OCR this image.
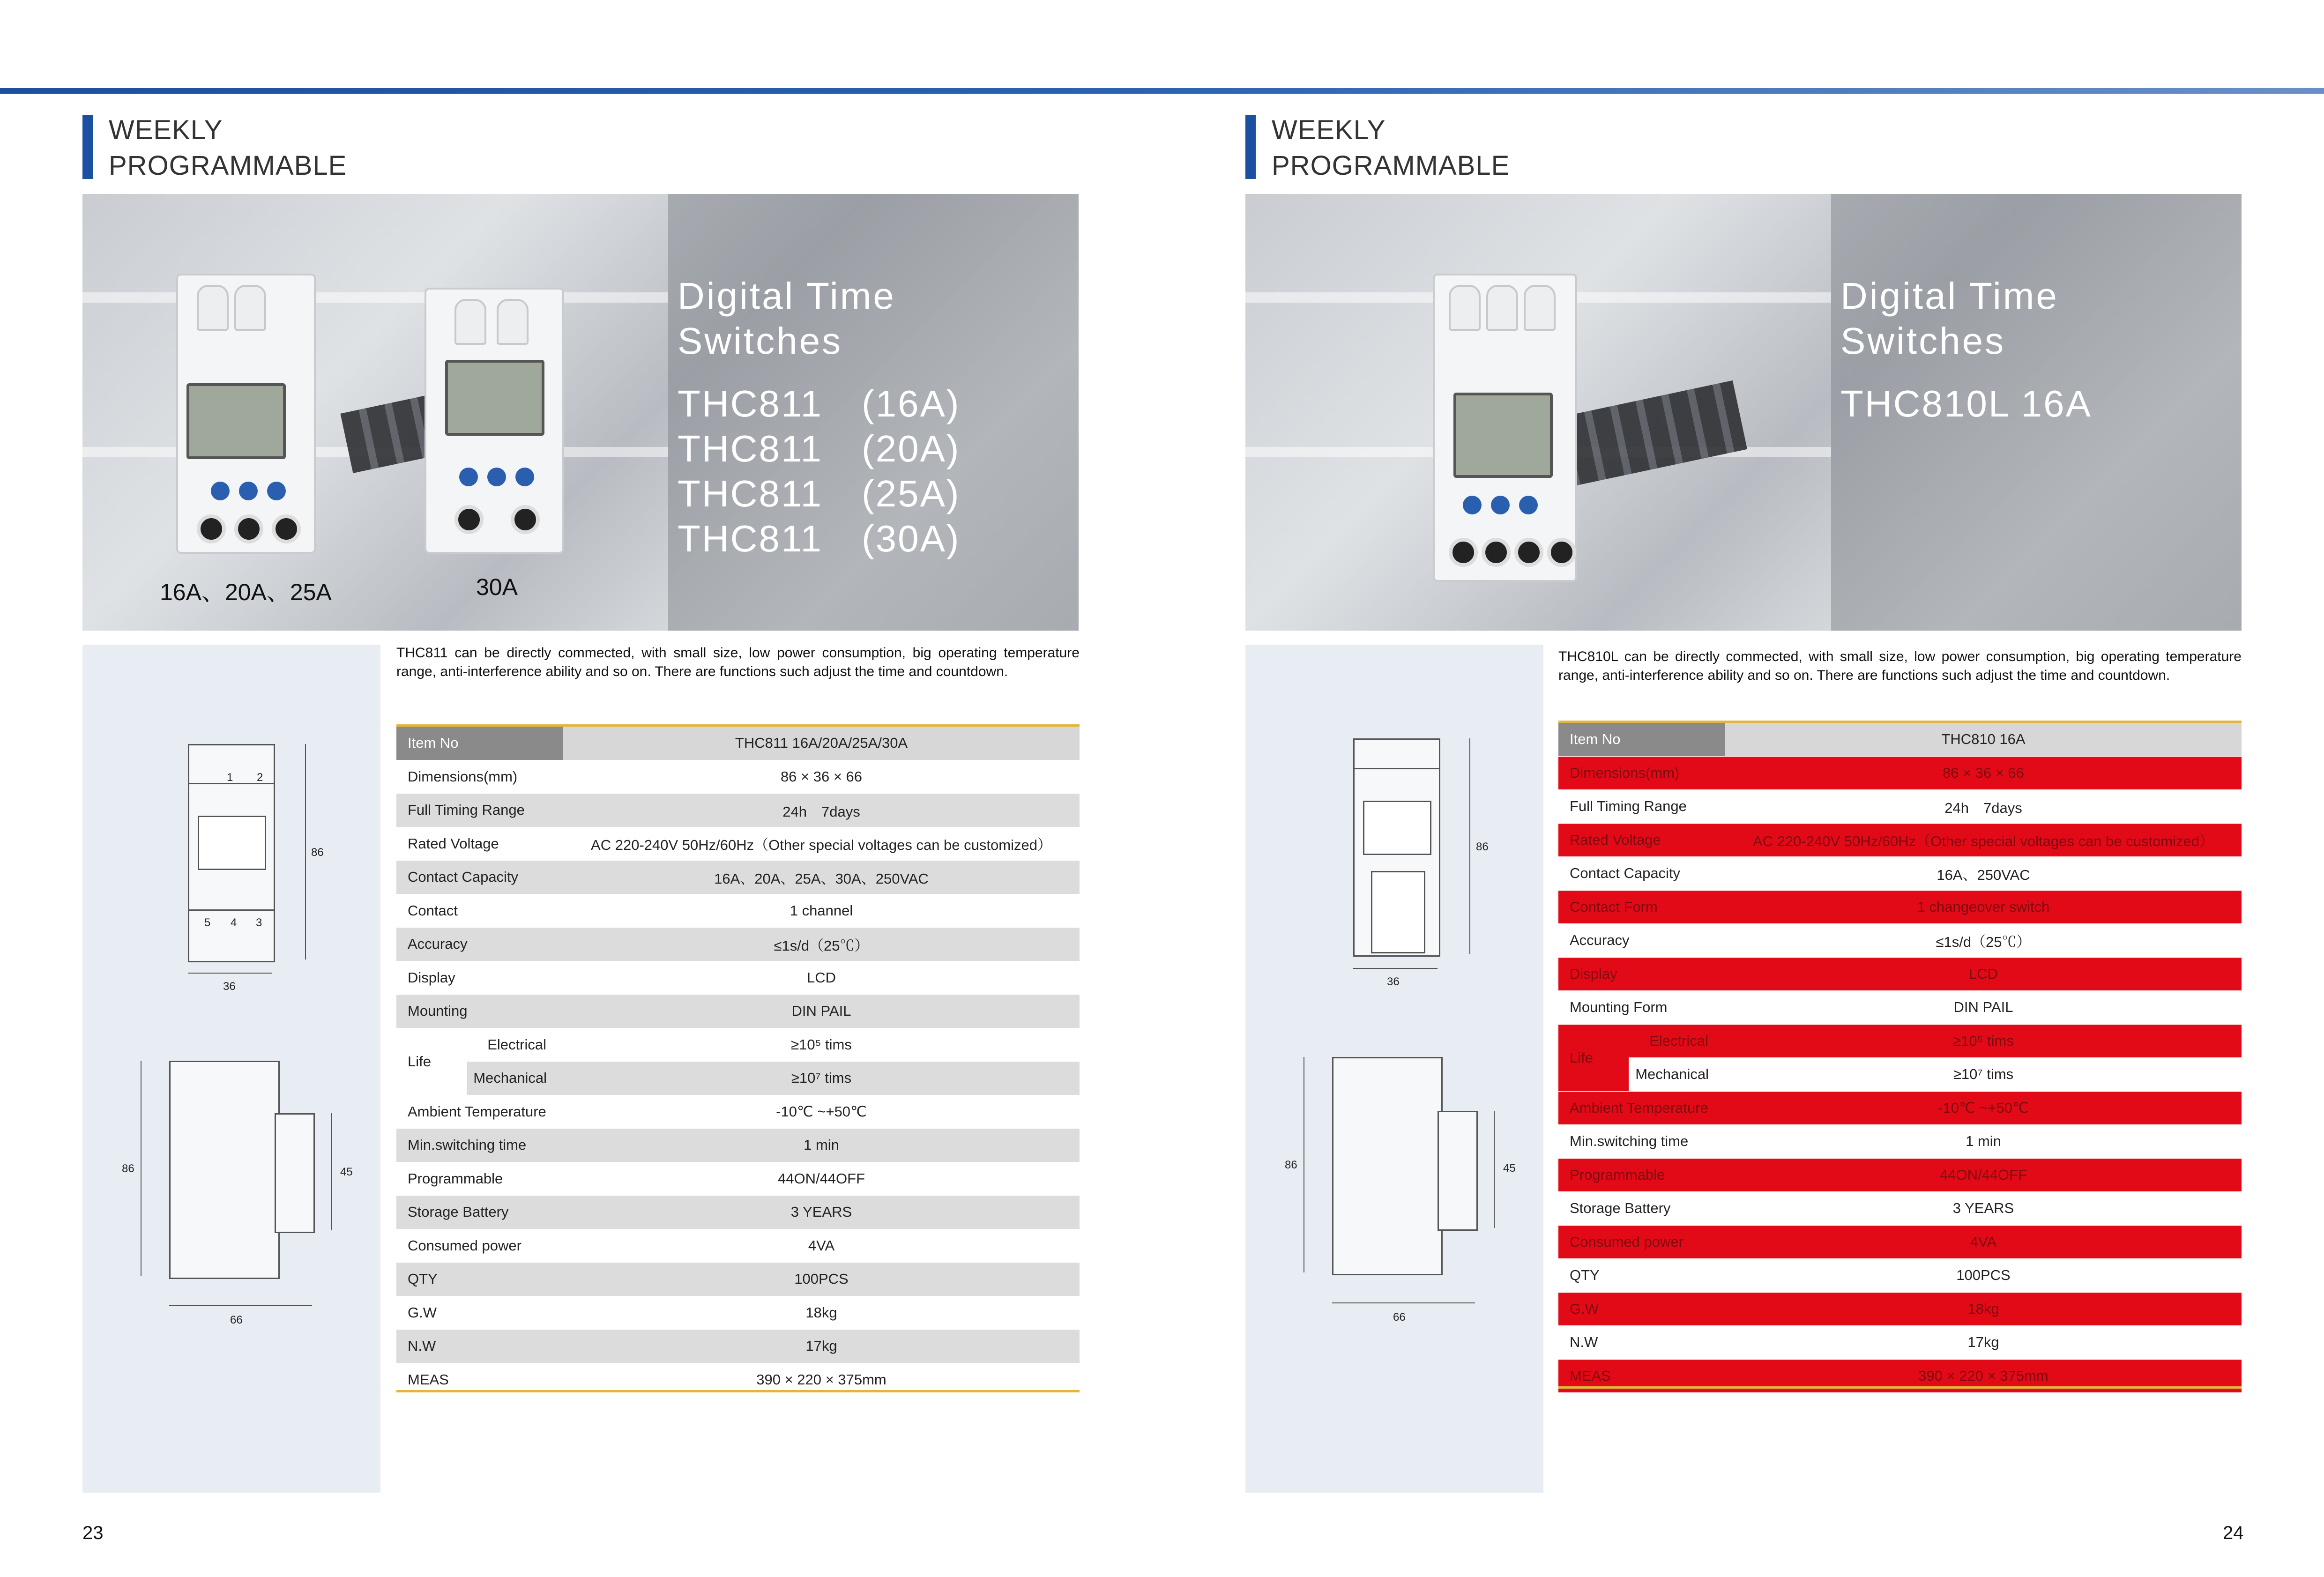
WEEKLY
PROGRAMMABLE
Digital Time
Switches
THC811　(16A)
THC811　(20A)
THC811　(25A)
THC811　(30A)
16A、20A、25A	30A
1 2
5 4 3
86
36
86	45
66
THC811 can be directly commected, with small size, low power consumption, big operating temperature range, anti-interference ability and so on. There are functions such adjust the time and countdown.
Item No		THC811 16A/20A/25A/30A
Dimensions(mm)		86 × 36 × 66
Full Timing Range		24h　7days
Rated Voltage		AC 220-240V 50Hz/60Hz（Other special voltages can be customized）
Contact Capacity		16A、20A、25A、30A、250VAC
Contact		1 channel
Accuracy		≤1s/d（25℃）
Display		LCD
Mounting		DIN PAIL
Life	Electrical	≥10⁵ tims
	Mechanical	≥10⁷ tims
Ambient Temperature		-10℃ ~+50℃
Min.switching time		1 min
Programmable		44ON/44OFF
Storage Battery		3 YEARS
Consumed power		4VA
QTY		100PCS
G.W		18kg
N.W		17kg
MEAS		390 × 220 × 375mm
23
WEEKLY
PROGRAMMABLE
Digital Time
Switches
THC810L 16A
86
36
86	45
66
THC810L can be directly commected, with small size, low power consumption, big operating temperature range, anti-interference ability and so on. There are functions such adjust the time and countdown.
Item No		THC810 16A
Dimensions(mm)		86 × 36 × 66
Full Timing Range		24h　7days
Rated Voltage		AC 220-240V 50Hz/60Hz（Other special voltages can be customized）
Contact Capacity		16A、250VAC
Contact Form		1 changeover switch
Accuracy		≤1s/d（25℃）
Display		LCD
Mounting Form		DIN PAIL
Life	Electrical	≥10⁵ tims
	Mechanical	≥10⁷ tims
Ambient Temperature		-10℃ ~+50℃
Min.switching time		1 min
Programmable		44ON/44OFF
Storage Battery		3 YEARS
Consumed power		4VA
QTY		100PCS
G.W		18kg
N.W		17kg
MEAS		390 × 220 × 375mm
24
